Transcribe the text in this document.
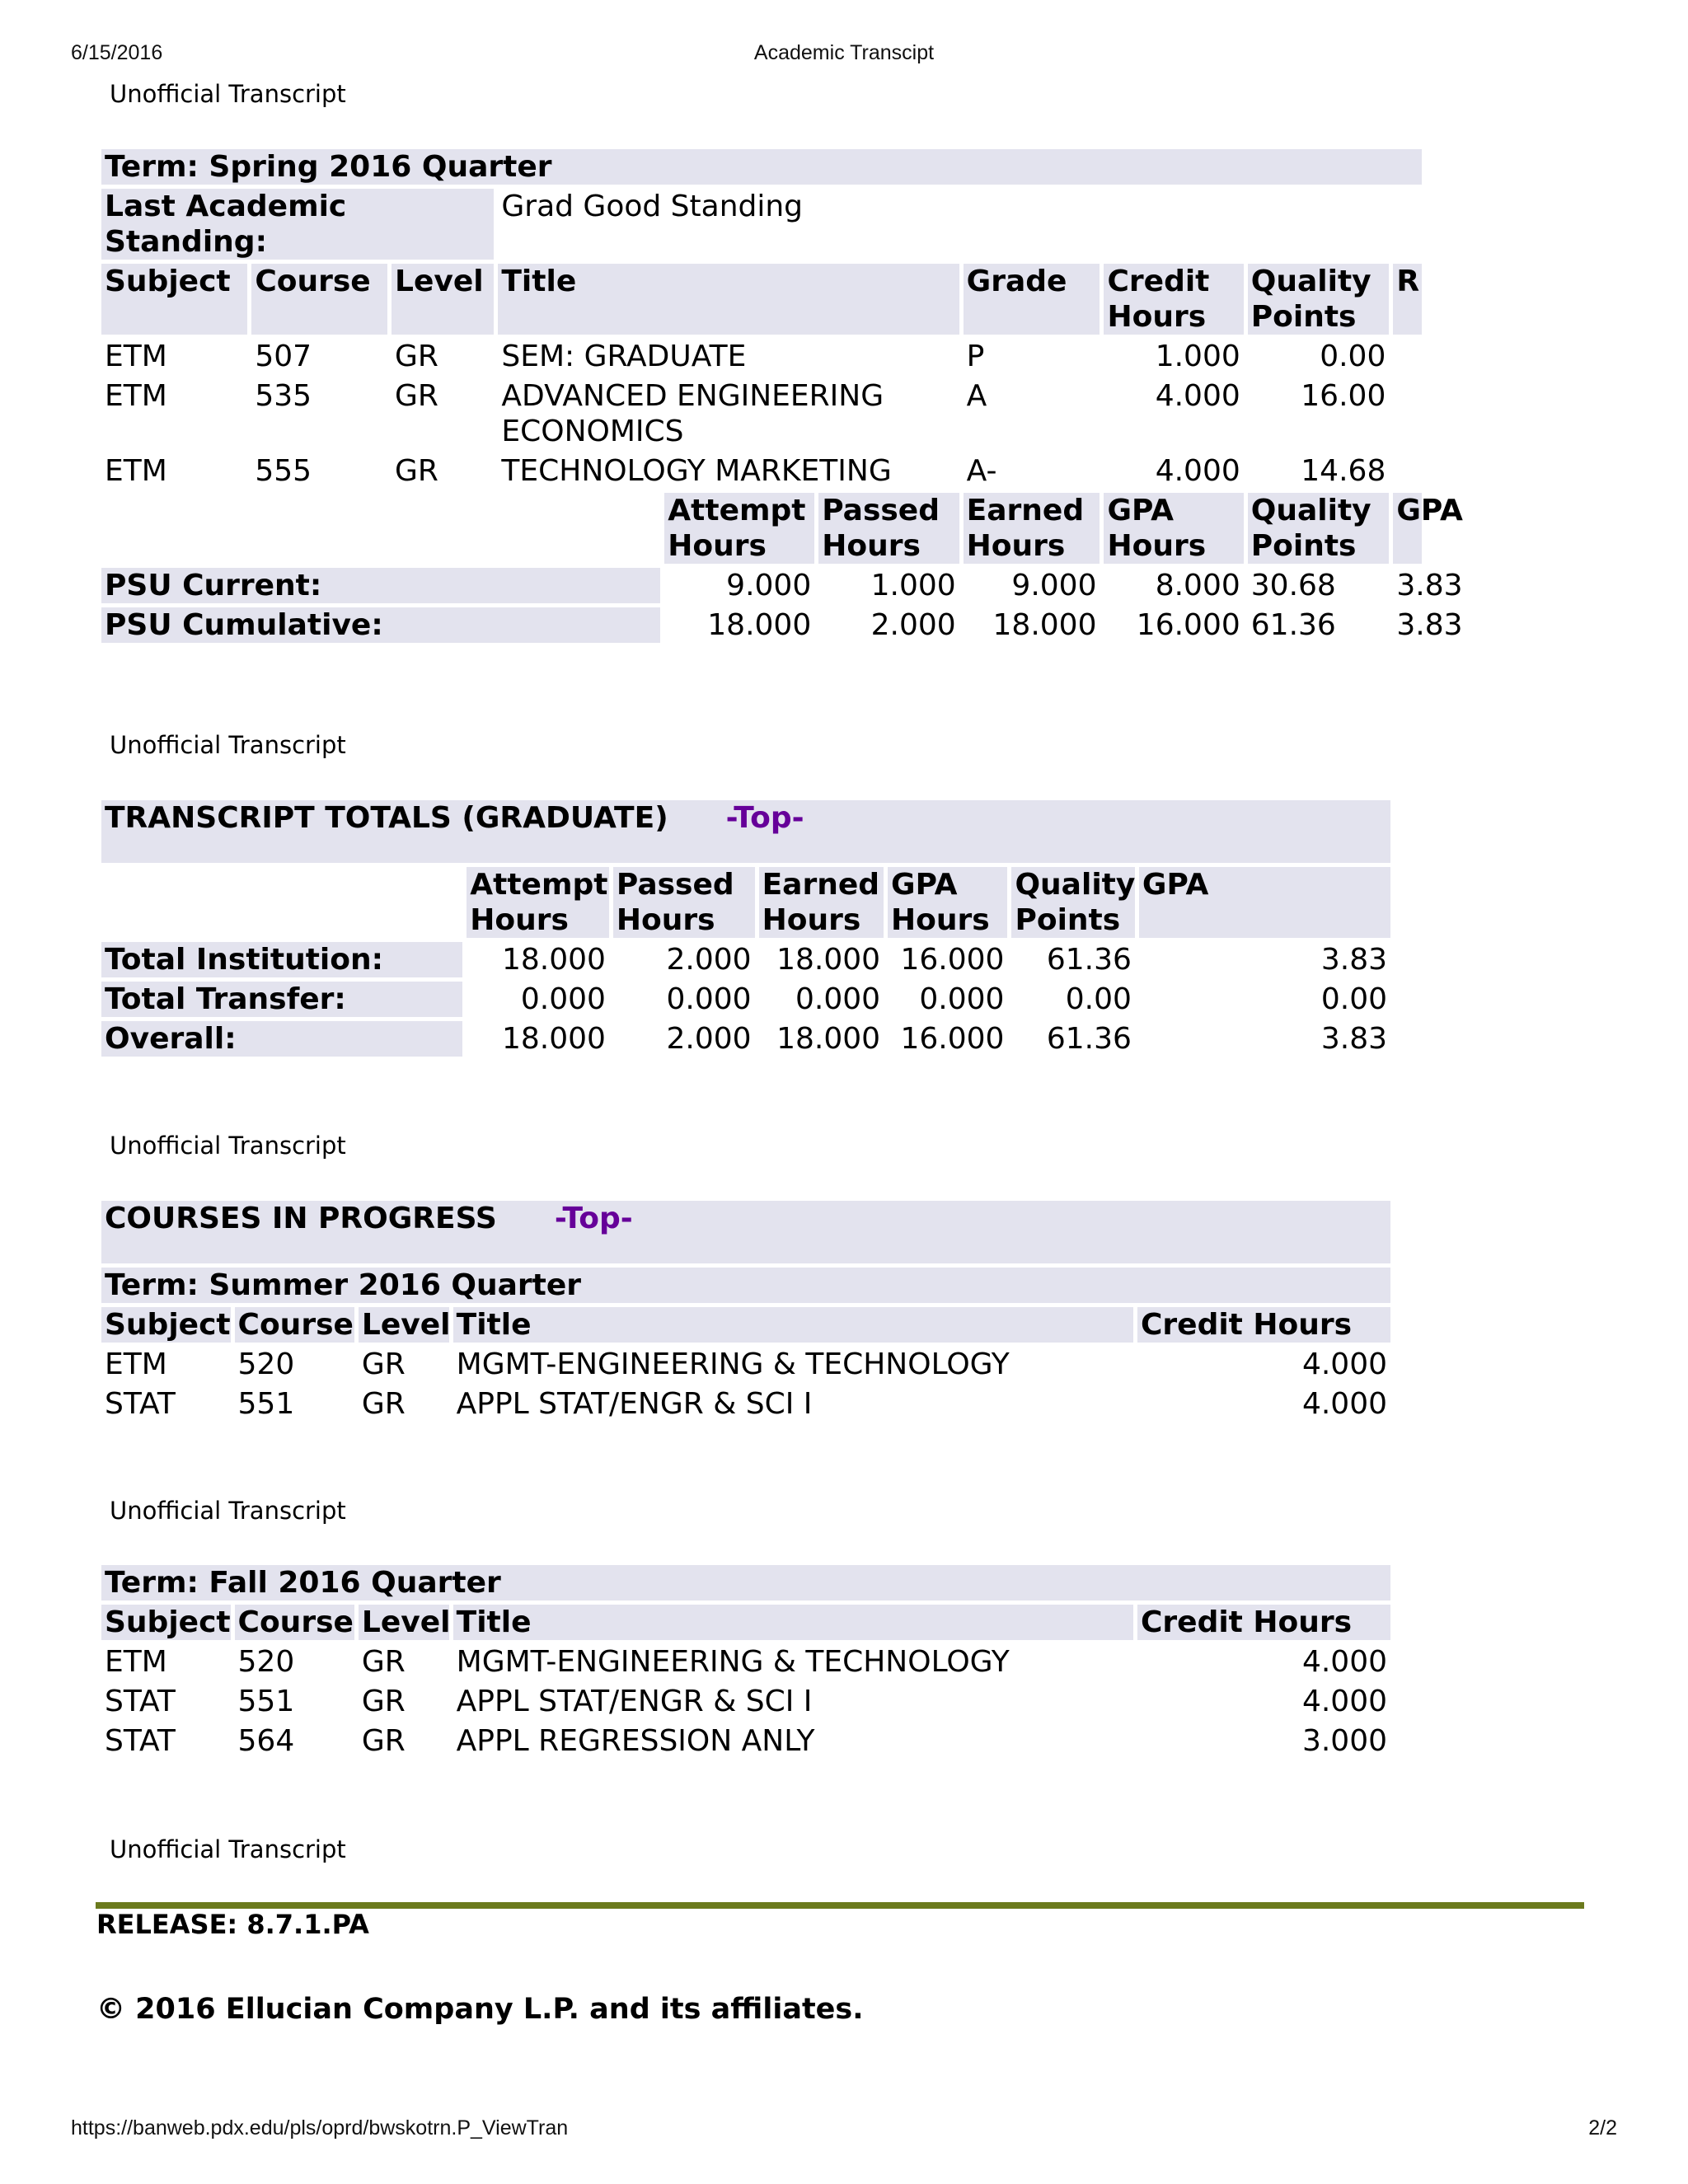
6/15/2016	Academic Transcipt
Unofficial Transcript
Term: Spring 2016 Quarter									
Last Academic Standing:			Grad Good Standing						
Subject	Course	Level	Title			Grade	Credit Hours	Quality Points	R
ETM	507	GR	SEM: GRADUATE			P	1.000	0.00	
ETM	535	GR	ADVANCED ENGINEERING ECONOMICS			A	4.000	16.00	
ETM	555	GR	TECHNOLOGY MARKETING			A-	4.000	14.68	
				Attempt Hours	Passed Hours	Earned Hours	GPA Hours	Quality Points	GPA
PSU Current:				9.000	1.000	9.000	8.000	30.68	3.83
PSU Cumulative:				18.000	2.000	18.000	16.000	61.36	3.83
Unofficial Transcript
TRANSCRIPT TOTALS (GRADUATE) -Top-						
	Attempt Hours	Passed Hours	Earned Hours	GPA Hours	Quality Points	GPA
Total Institution:	18.000	2.000	18.000	16.000	61.36	3.83
Total Transfer:	0.000	0.000	0.000	0.000	0.00	0.00
Overall:	18.000	2.000	18.000	16.000	61.36	3.83
Unofficial Transcript
COURSES IN PROGRESS -Top-				
Term: Summer 2016 Quarter				
Subject	Course	Level	Title	Credit Hours
ETM	520	GR	MGMT-ENGINEERING & TECHNOLOGY	4.000
STAT	551	GR	APPL STAT/ENGR & SCI I	4.000
Unofficial Transcript
Term: Fall 2016 Quarter				
Subject	Course	Level	Title	Credit Hours
ETM	520	GR	MGMT-ENGINEERING & TECHNOLOGY	4.000
STAT	551	GR	APPL STAT/ENGR & SCI I	4.000
STAT	564	GR	APPL REGRESSION ANLY	3.000
Unofficial Transcript
RELEASE: 8.7.1.PA
© 2016 Ellucian Company L.P. and its affiliates.
https://banweb.pdx.edu/pls/oprd/bwskotrn.P_ViewTran	2/2
